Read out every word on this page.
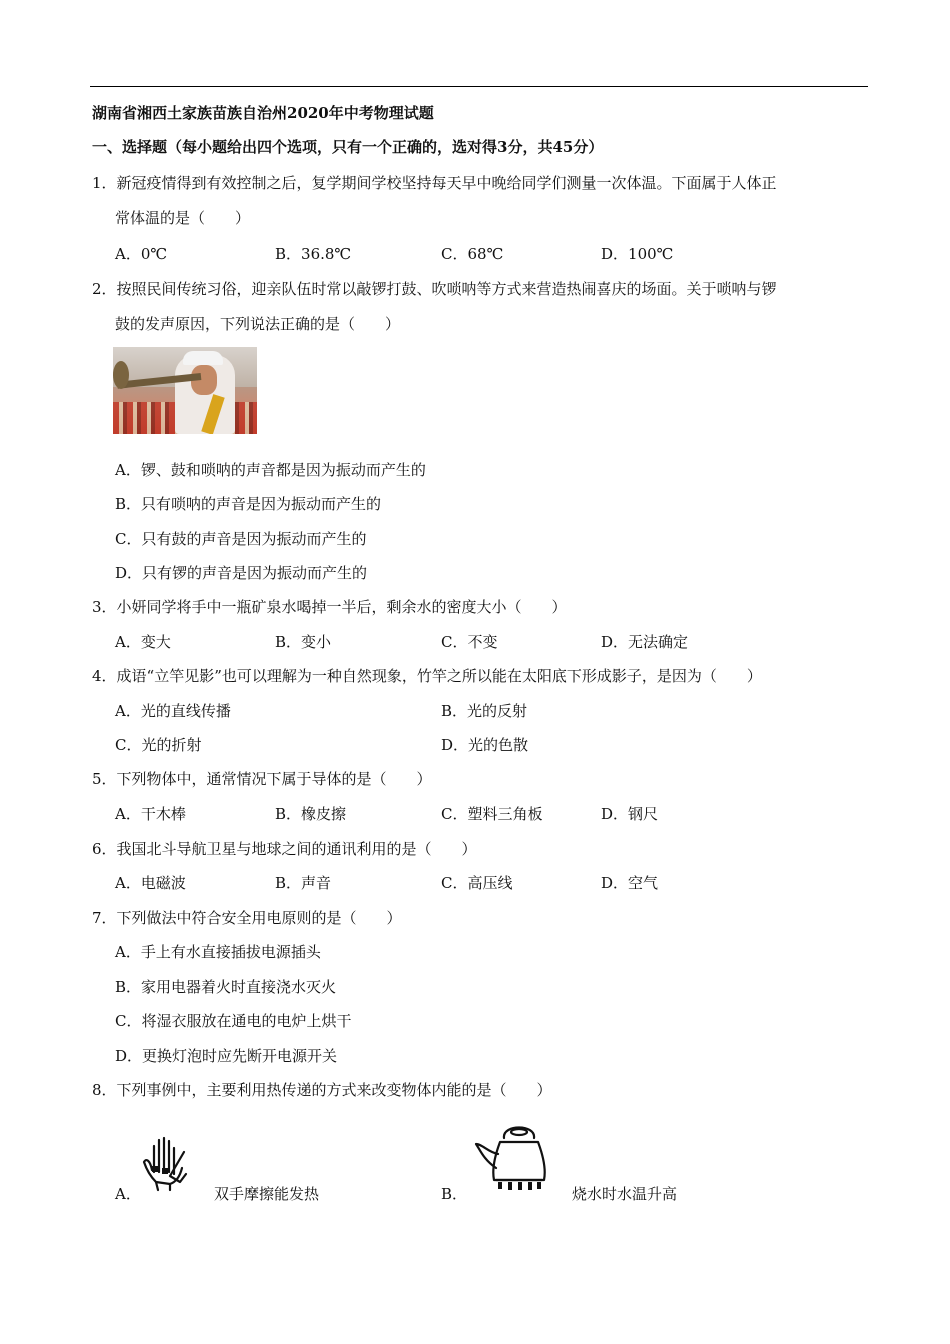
湖南省湘西土家族苗族自治州2020年中考物理试题
一、选择题（每小题给出四个选项，只有一个正确的，选对得3分，共45分）
1．新冠疫情得到有效控制之后，复学期间学校坚持每天早中晚给同学们测量一次体温。下面属于人体正
常体温的是（　　）
A．0℃	B．36.8℃	C．68℃	D．100℃
2．按照民间传统习俗，迎亲队伍时常以敲锣打鼓、吹唢呐等方式来营造热闹喜庆的场面。关于唢呐与锣
鼓的发声原因，下列说法正确的是（　　）
A．锣、鼓和唢呐的声音都是因为振动而产生的
B．只有唢呐的声音是因为振动而产生的
C．只有鼓的声音是因为振动而产生的
D．只有锣的声音是因为振动而产生的
3．小妍同学将手中一瓶矿泉水喝掉一半后，剩余水的密度大小（　　）
A．变大	B．变小	C．不变	D．无法确定
4．成语“立竿见影”也可以理解为一种自然现象，竹竿之所以能在太阳底下形成影子，是因为（　　）
A．光的直线传播	B．光的反射
C．光的折射	D．光的色散
5．下列物体中，通常情况下属于导体的是（　　）
A．干木棒	B．橡皮擦	C．塑料三角板	D．钢尺
6．我国北斗导航卫星与地球之间的通讯利用的是（　　）
A．电磁波	B．声音	C．高压线	D．空气
7．下列做法中符合安全用电原则的是（　　）
A．手上有水直接插拔电源插头
B．家用电器着火时直接浇水灭火
C．将湿衣服放在通电的电炉上烘干
D．更换灯泡时应先断开电源开关
8．下列事例中，主要利用热传递的方式来改变物体内能的是（　　）
A．	双手摩擦能发热	B．	烧水时水温升高
